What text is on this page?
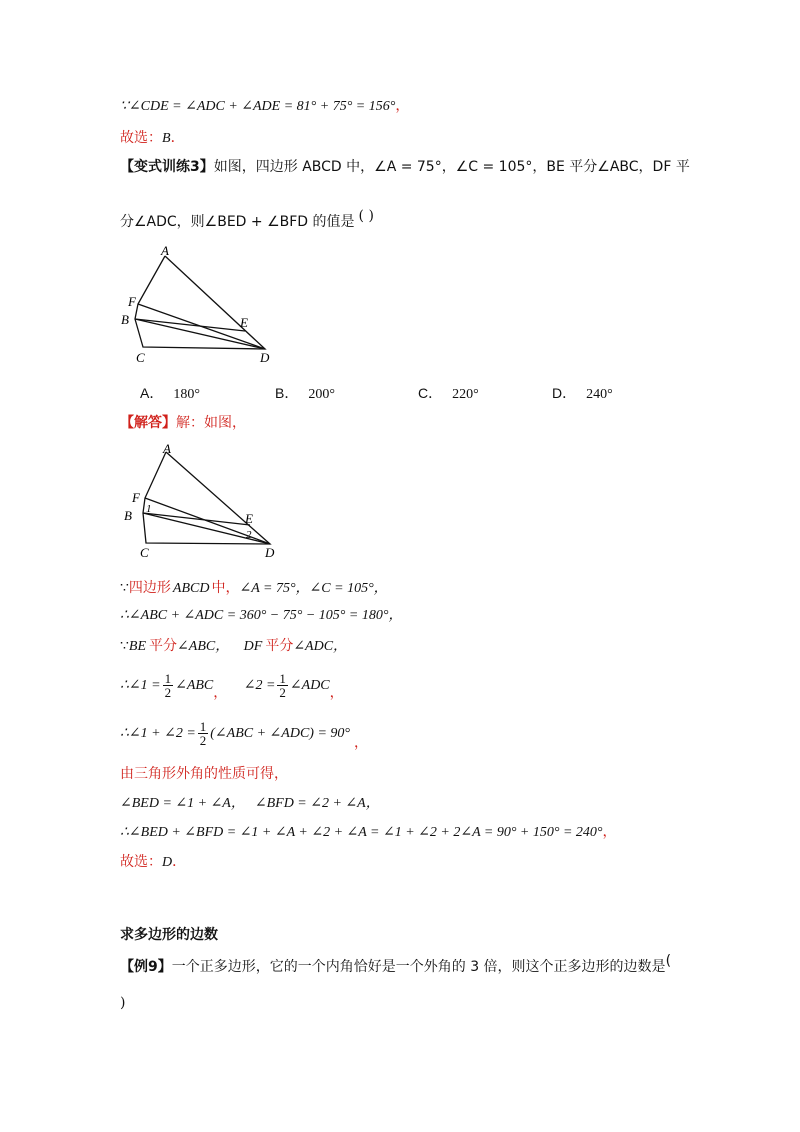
∵∠CDE = ∠ADC + ∠ADE = 81° + 75° = 156°，
故选：B．
【变式训练3】如图，四边形 ABCD 中，∠A = 75°，∠C = 105°，BE 平分∠ABC，DF 平
分∠ADC，则∠BED + ∠BFD 的值是 ( )
A
F
B	E
C	D
A． 180°	B． 200°	C． 220°	D． 240°
【解答】解：如图，
A
F
1
B	E
2
C	D
∵四边形 ABCD 中，∠A = 75°，∠C = 105°，
∴∠ABC + ∠ADC = 360° − 75° − 105° = 180°，
∵BE 平分∠ABC， DF 平分∠ADC，
∴∠1 = $\frac{1}{2}$ ∠ABC， ∠2 = $\frac{1}{2}$ ∠ADC，
∴∠1 + ∠2 = $\frac{1}{2}$ (∠ABC + ∠ADC) = 90°，
由三角形外角的性质可得，
∠BED = ∠1 + ∠A， ∠BFD = ∠2 + ∠A，
∴∠BED + ∠BFD = ∠1 + ∠A + ∠2 + ∠A = ∠1 + ∠2 + 2∠A = 90° + 150° = 240°，
故选：D．
求多边形的边数
【例9】一个正多边形，它的一个内角恰好是一个外角的 3 倍，则这个正多边形的边数是(
)
